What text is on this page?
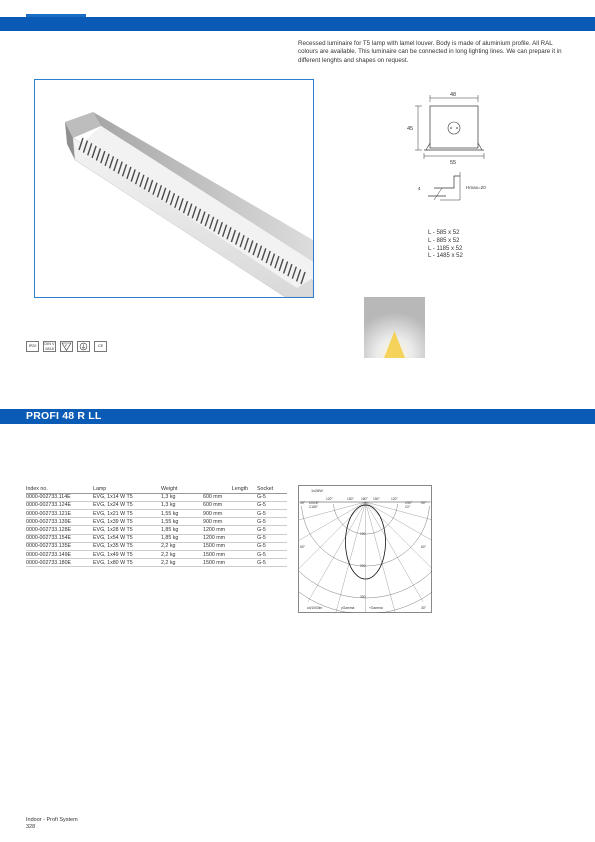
Recessed luminaire for T5 lamp with lamel louver. Body is made of aluminium profile. All RAL colours are available. This luminaire can be connected in long lighting lines. We can prepare it in different lenghts and shapes on request.

48
45
55
Hmax=20
4
L - 585 x 52
L - 885 x 52
L - 1185 x 52
L - 1485 x 52
IP20
DIN V 0818
F	CE
PROFI 48 R LL
Index no.	Lamp	Weight	Length	Socket
0000-002733.114E	EVG, 1x14 W T5	1,3 kg	600 mm	G-5
0000-002733.124E	EVG, 1x24 W T5	1,3 kg	600 mm	G-5
0000-002733.121E	EVG, 1x21 W T5	1,55 kg	900 mm	G-5
0000-002733.139E	EVG, 1x39 W T5	1,55 kg	900 mm	G-5
0000-002733.128E	EVG, 1x28 W T5	1,85 kg	1200 mm	G-5
0000-002733.154E	EVG, 1x54 W T5	1,85 kg	1200 mm	G-5
0000-002733.135E	EVG, 1x35 W T5	2,2 kg	1500 mm	G-5
0000-002733.149E	EVG, 1x49 W T5	2,2 kg	1500 mm	G-5
0000-002733.180E	EVG, 1x80 W T5	2,2 kg	1500 mm	G-5
1x28W
120°	150° 180° 150°	120°
90°	90°
60°	60°
30°
C0/18°
C180°
C90°
C0°
100
200
300
cd/1000lm	γGamma	+Gamma
Indoor - Profi System
328
